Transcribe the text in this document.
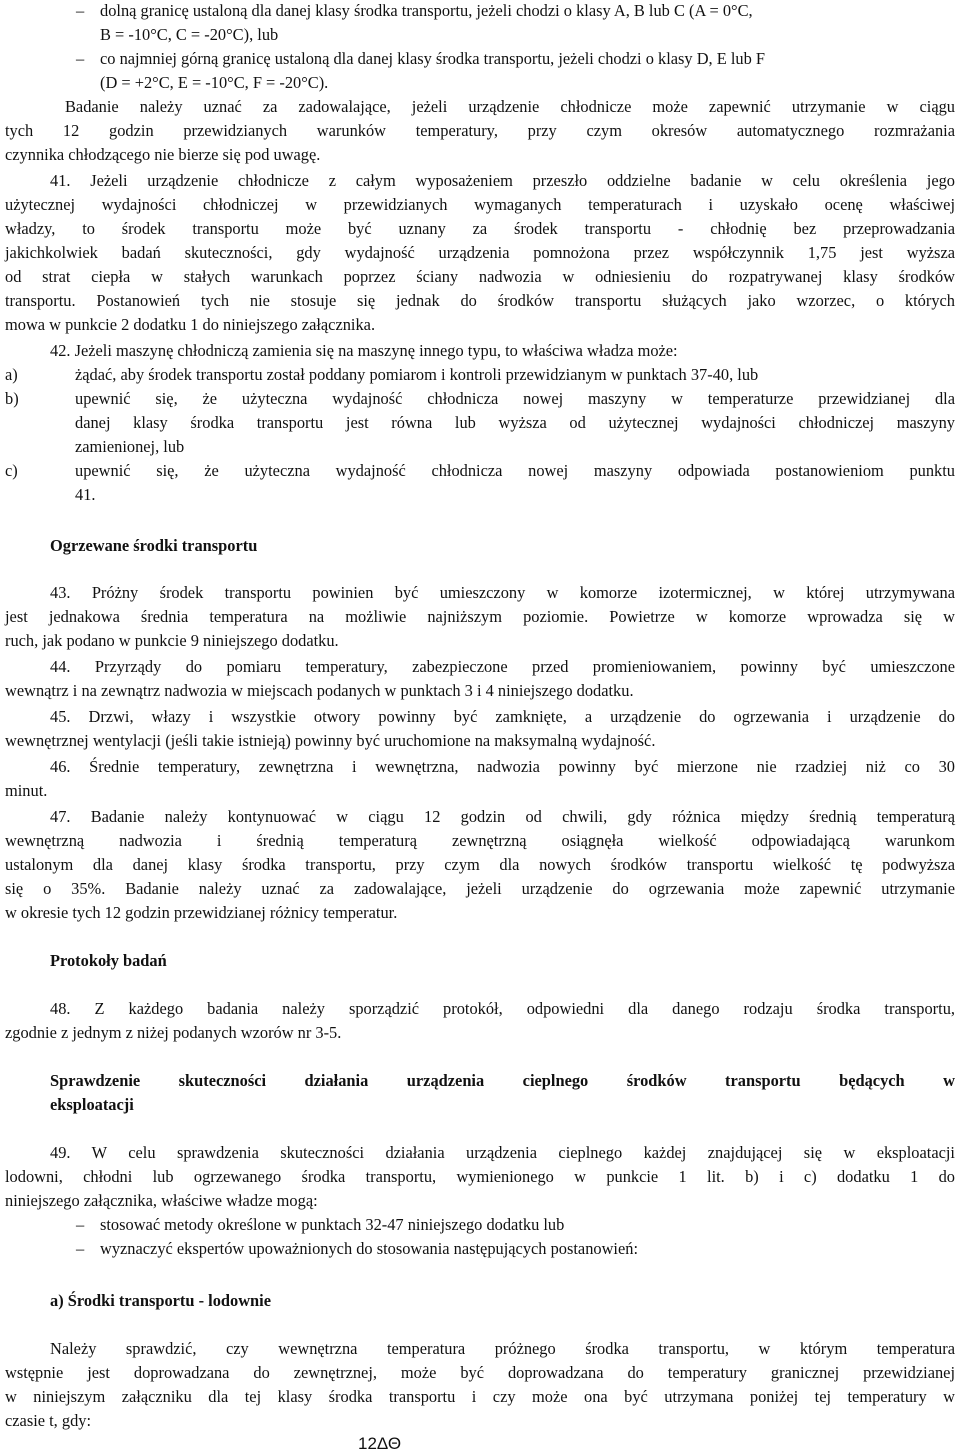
– dolną granicę ustaloną dla danej klasy środka transportu, jeżeli chodzi o klasy A, B lub C (A = 0°C,
B = -10°C, C = -20°C), lub
– co najmniej górną granicę ustaloną dla danej klasy środka transportu, jeżeli chodzi o klasy D, E lub F
(D = +2°C, E = -10°C, F = -20°C).
Badanie należy uznać za zadowalające, jeżeli urządzenie chłodnicze może zapewnić utrzymanie w ciągu
tych 12 godzin przewidzianych warunków temperatury, przy czym okresów automatycznego rozmrażania
czynnika chłodzącego nie bierze się pod uwagę.
41. Jeżeli urządzenie chłodnicze z całym wyposażeniem przeszło oddzielne badanie w celu określenia jego
użytecznej wydajności chłodniczej w przewidzianych wymaganych temperaturach i uzyskało ocenę właściwej
władzy, to środek transportu może być uznany za środek transportu - chłodnię bez przeprowadzania
jakichkolwiek badań skuteczności, gdy wydajność urządzenia pomnożona przez współczynnik 1,75 jest wyższa
od strat ciepła w stałych warunkach poprzez ściany nadwozia w odniesieniu do rozpatrywanej klasy środków
transportu. Postanowień tych nie stosuje się jednak do środków transportu służących jako wzorzec, o których
mowa w punkcie 2 dodatku 1 do niniejszego załącznika.
42. Jeżeli maszynę chłodniczą zamienia się na maszynę innego typu, to właściwa władza może:
a)	żądać, aby środek transportu został poddany pomiarom i kontroli przewidzianym w punktach 37-40, lub
b)	upewnić się, że użyteczna wydajność chłodnicza nowej maszyny w temperaturze przewidzianej dla
danej klasy środka transportu jest równa lub wyższa od użytecznej wydajności chłodniczej maszyny
zamienionej, lub
c)	upewnić się, że użyteczna wydajność chłodnicza nowej maszyny odpowiada postanowieniom punktu
41.
Ogrzewane środki transportu
43. Próżny środek transportu powinien być umieszczony w komorze izotermicznej, w której utrzymywana
jest jednakowa średnia temperatura na możliwie najniższym poziomie. Powietrze w komorze wprowadza się w
ruch, jak podano w punkcie 9 niniejszego dodatku.
44. Przyrządy do pomiaru temperatury, zabezpieczone przed promieniowaniem, powinny być umieszczone
wewnątrz i na zewnątrz nadwozia w miejscach podanych w punktach 3 i 4 niniejszego dodatku.
45. Drzwi, włazy i wszystkie otwory powinny być zamknięte, a urządzenie do ogrzewania i urządzenie do
wewnętrznej wentylacji (jeśli takie istnieją) powinny być uruchomione na maksymalną wydajność.
46. Średnie temperatury, zewnętrzna i wewnętrzna, nadwozia powinny być mierzone nie rzadziej niż co 30
minut.
47. Badanie należy kontynuować w ciągu 12 godzin od chwili, gdy różnica między średnią temperaturą
wewnętrzną nadwozia i średnią temperaturą zewnętrzną osiągnęła wielkość odpowiadającą warunkom
ustalonym dla danej klasy środka transportu, przy czym dla nowych środków transportu wielkość tę podwyższa
się o 35%. Badanie należy uznać za zadowalające, jeżeli urządzenie do ogrzewania może zapewnić utrzymanie
w okresie tych 12 godzin przewidzianej różnicy temperatur.
Protokoły badań
48. Z każdego badania należy sporządzić protokół, odpowiedni dla danego rodzaju środka transportu,
zgodnie z jednym z niżej podanych wzorów nr 3-5.
Sprawdzenie skuteczności działania urządzenia cieplnego środków transportu będących w
eksploatacji
49. W celu sprawdzenia skuteczności działania urządzenia cieplnego każdej znajdującej się w eksploatacji
lodowni, chłodni lub ogrzewanego środka transportu, wymienionego w punkcie 1 lit. b) i c) dodatku 1 do
niniejszego załącznika, właściwe władze mogą:
– stosować metody określone w punktach 32-47 niniejszego dodatku lub
– wyznaczyć ekspertów upoważnionych do stosowania następujących postanowień:
a) Środki transportu - lodownie
Należy sprawdzić, czy wewnętrzna temperatura próżnego środka transportu, w którym temperatura
wstępnie jest doprowadzana do zewnętrznej, może być doprowadzana do temperatury granicznej przewidzianej
w niniejszym załączniku dla tej klasy środka transportu i czy może ona być utrzymana poniżej tej temperatury w
czasie t, gdy:
12ΔΘ
